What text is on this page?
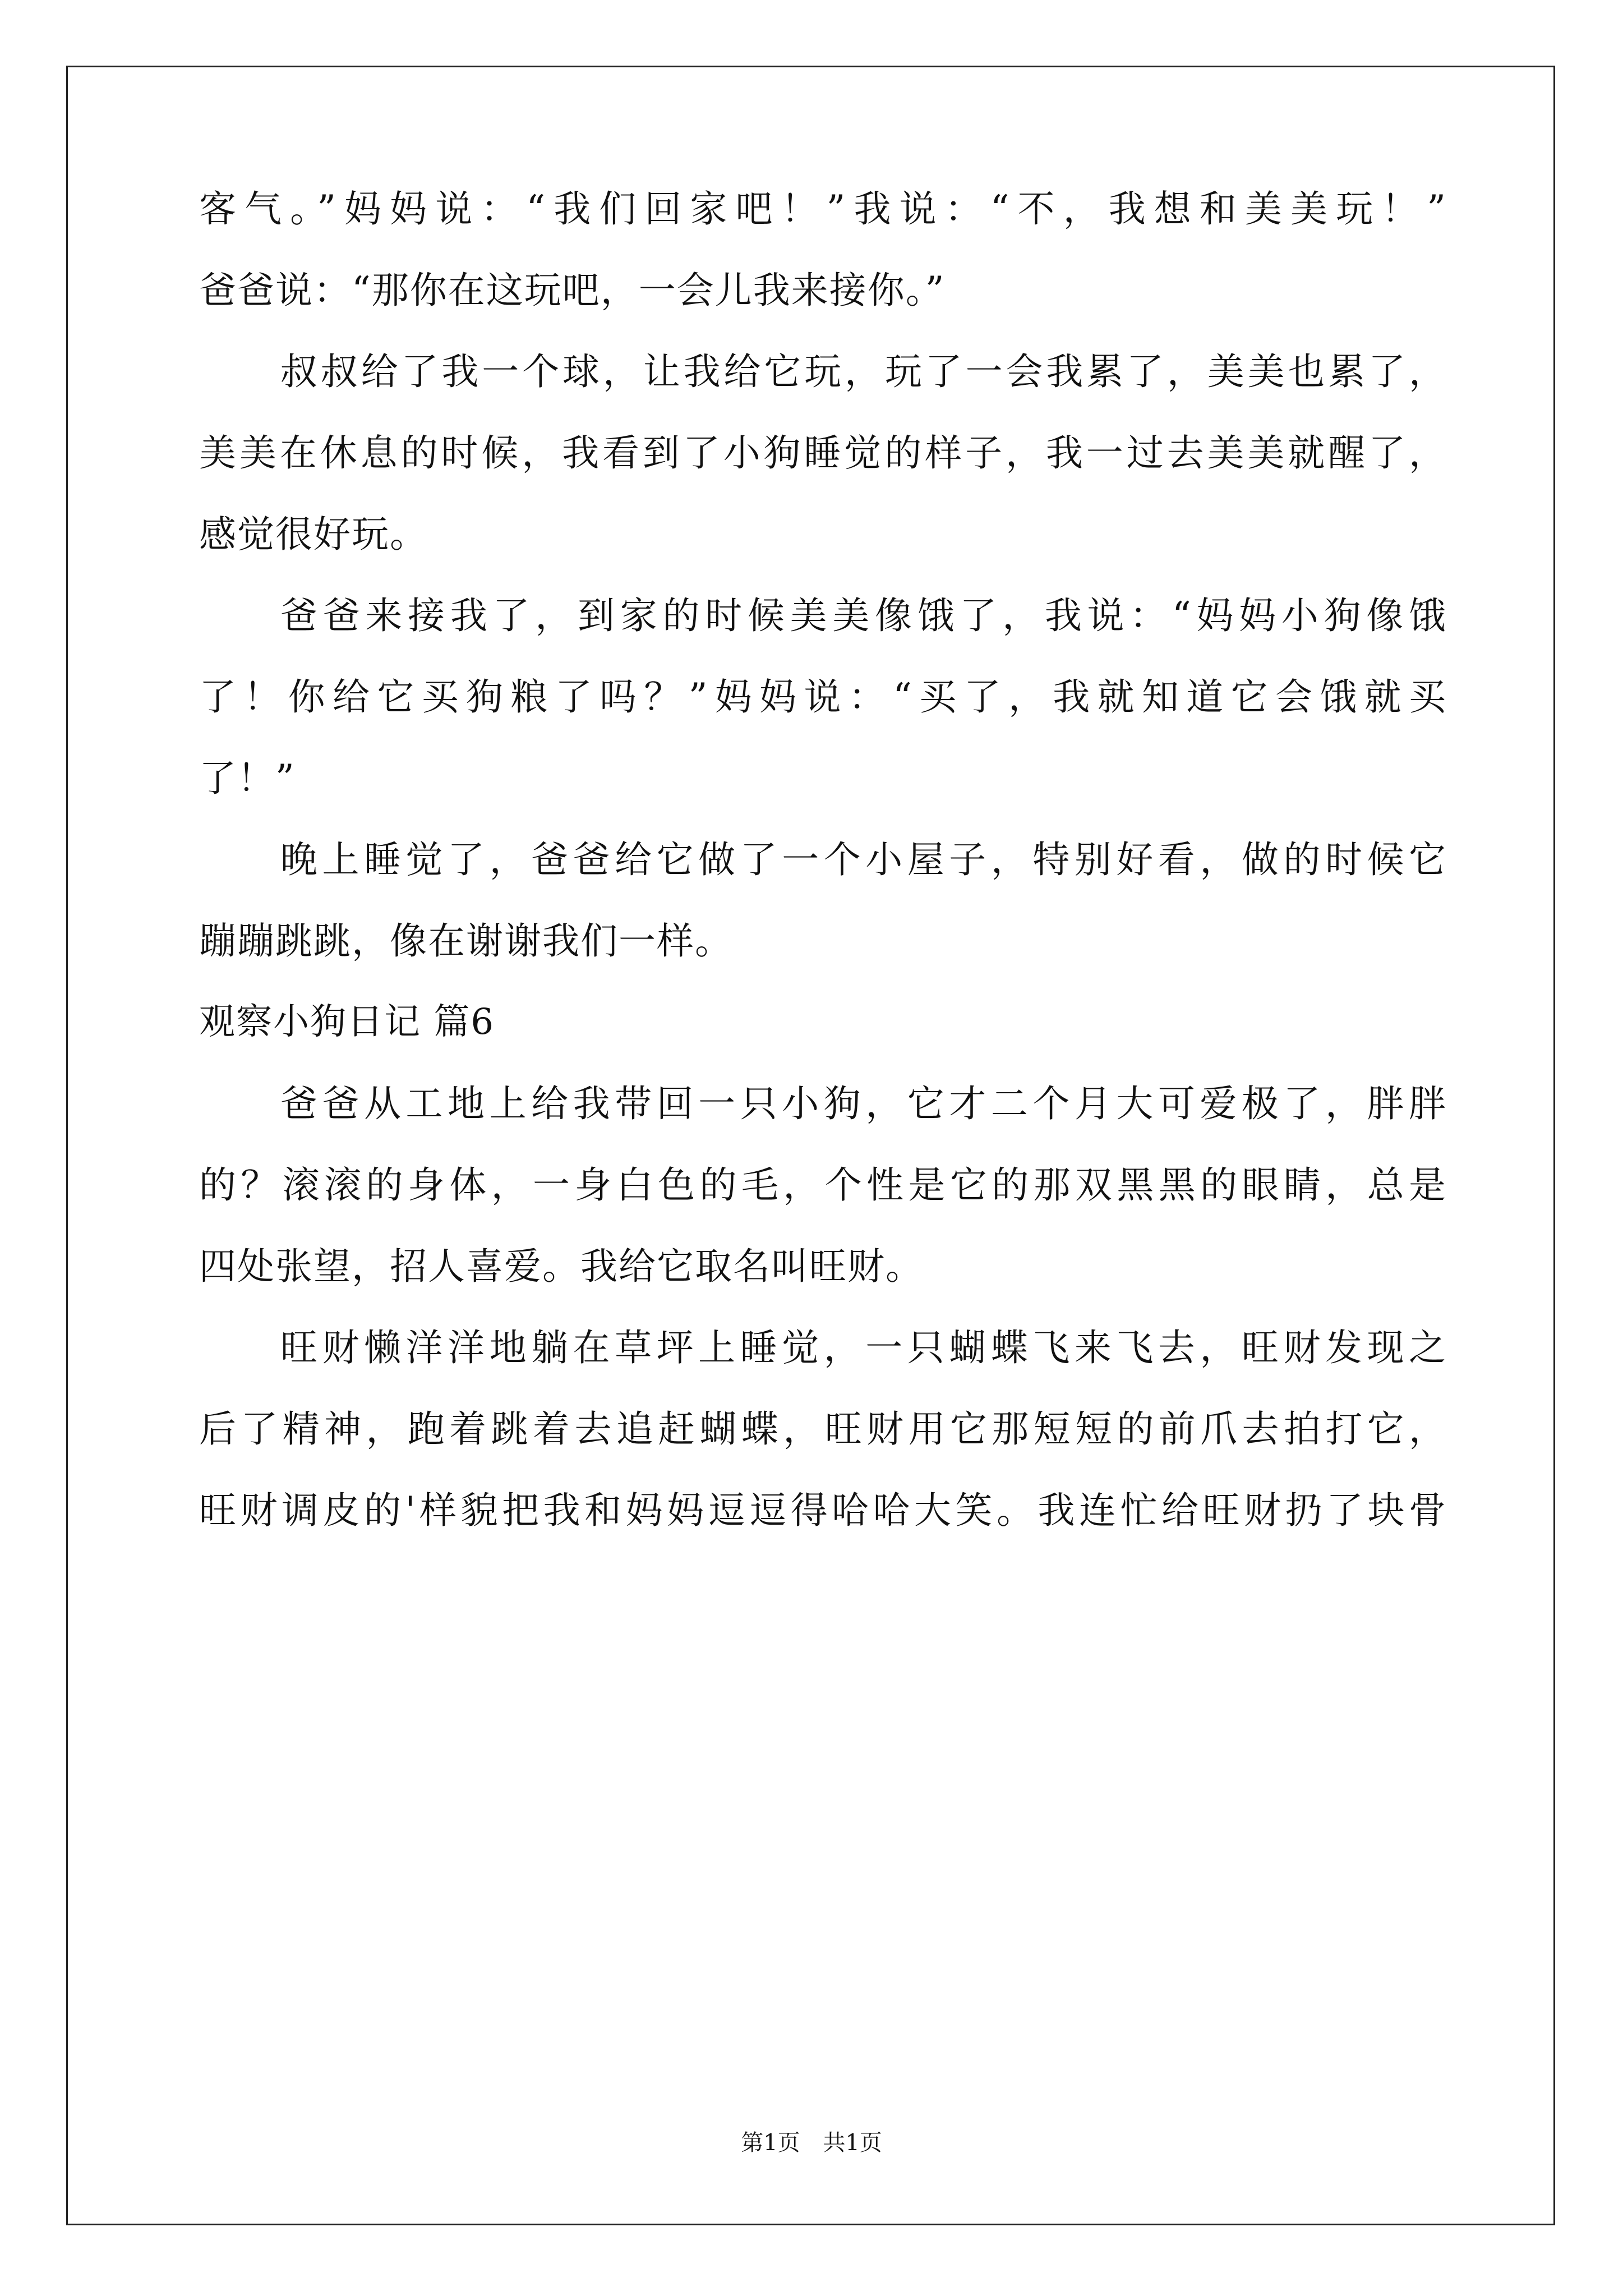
客气。”妈妈说：“我们回家吧！”我说：“不，我想和美美玩！”
爸爸说：“那你在这玩吧，一会儿我来接你。”
叔叔给了我一个球，让我给它玩，玩了一会我累了，美美也累了，
美美在休息的时候，我看到了小狗睡觉的样子，我一过去美美就醒了，
感觉很好玩。
爸爸来接我了，到家的时候美美像饿了，我说：“妈妈小狗像饿
了！你给它买狗粮了吗？”妈妈说：“买了，我就知道它会饿就买
了！”
晚上睡觉了，爸爸给它做了一个小屋子，特别好看，做的时候它
蹦蹦跳跳，像在谢谢我们一样。
观察小狗日记 篇6
爸爸从工地上给我带回一只小狗，它才二个月大可爱极了，胖胖
的？滚滚的身体，一身白色的毛，个性是它的那双黑黑的眼睛，总是
四处张望，招人喜爱。我给它取名叫旺财。
旺财懒洋洋地躺在草坪上睡觉，一只蝴蝶飞来飞去，旺财发现之
后了精神，跑着跳着去追赶蝴蝶，旺财用它那短短的前爪去拍打它，
旺财调皮的'样貌把我和妈妈逗逗得哈哈大笑。我连忙给旺财扔了块骨
第1页 共1页
